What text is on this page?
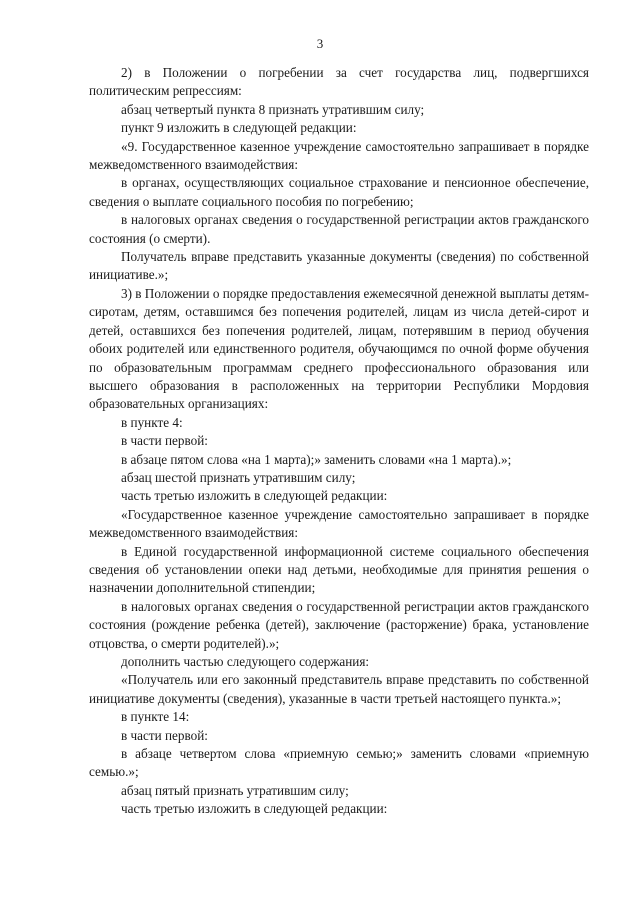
3

2) в Положении о погребении за счет государства лиц, подвергшихся политическим репрессиям:

абзац четвертый пункта 8 признать утратившим силу;

пункт 9 изложить в следующей редакции:

«9. Государственное казенное учреждение самостоятельно запрашивает в порядке межведомственного взаимодействия:

в органах, осуществляющих социальное страхование и пенсионное обеспечение, сведения о выплате социального пособия по погребению;

в налоговых органах сведения о государственной регистрации актов гражданского состояния (о смерти).

Получатель вправе представить указанные документы (сведения) по собственной инициативе.»;

3) в Положении о порядке предоставления ежемесячной денежной выплаты детям-сиротам, детям, оставшимся без попечения родителей, лицам из числа детей-сирот и детей, оставшихся без попечения родителей, лицам, потерявшим в период обучения обоих родителей или единственного родителя, обучающимся по очной форме обучения по образовательным программам среднего профессионального образования или высшего образования в расположенных на территории Республики Мордовия образовательных организациях:

в пункте 4:

в части первой:

в абзаце пятом слова «на 1 марта);» заменить словами «на 1 марта).»;

абзац шестой признать утратившим силу;

часть третью изложить в следующей редакции:

«Государственное казенное учреждение самостоятельно запрашивает в порядке межведомственного взаимодействия:

в Единой государственной информационной системе социального обеспечения сведения об установлении опеки над детьми, необходимые для принятия решения о назначении дополнительной стипендии;

в налоговых органах сведения о государственной регистрации актов гражданского состояния (рождение ребенка (детей), заключение (расторжение) брака, установление отцовства, о смерти родителей).»;

дополнить частью следующего содержания:

«Получатель или его законный представитель вправе представить по собственной инициативе документы (сведения), указанные в части третьей настоящего пункта.»;

в пункте 14:

в части первой:

в абзаце четвертом слова «приемную семью;» заменить словами «приемную семью.»;

абзац пятый признать утратившим силу;

часть третью изложить в следующей редакции:
